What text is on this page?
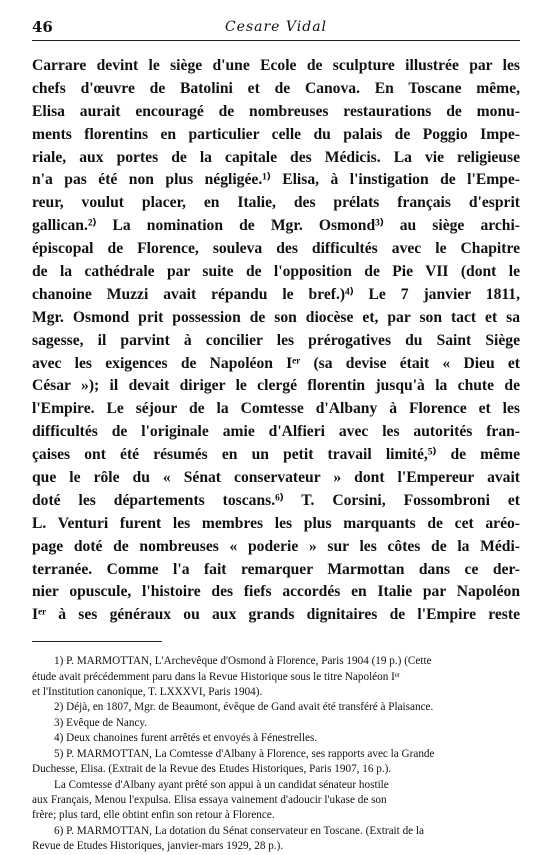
46	Cesare Vidal
Carrare devint le siège d'une Ecole de sculpture illustrée par les
chefs d'œuvre de Batolini et de Canova. En Toscane même,
Elisa aurait encouragé de nombreuses restaurations de monu-
ments florentins en particulier celle du palais de Poggio Impe-
riale, aux portes de la capitale des Médicis. La vie religieuse
n'a pas été non plus négligée.¹⁾ Elisa, à l'instigation de l'Empe-
reur, voulut placer, en Italie, des prélats français d'esprit
gallican.²⁾ La nomination de Mgr. Osmond³⁾ au siège archi-
épiscopal de Florence, souleva des difficultés avec le Chapitre
de la cathédrale par suite de l'opposition de Pie VII (dont le
chanoine Muzzi avait répandu le bref.)⁴⁾ Le 7 janvier 1811,
Mgr. Osmond prit possession de son diocèse et, par son tact et sa
sagesse, il parvint à concilier les prérogatives du Saint Siège
avec les exigences de Napoléon Iᵉʳ (sa devise était « Dieu et
César »); il devait diriger le clergé florentin jusqu'à la chute de
l'Empire. Le séjour de la Comtesse d'Albany à Florence et les
difficultés de l'originale amie d'Alfieri avec les autorités fran-
çaises ont été résumés en un petit travail limité,⁵⁾ de même
que le rôle du « Sénat conservateur » dont l'Empereur avait
doté les départements toscans.⁶⁾ T. Corsini, Fossombroni et
L. Venturi furent les membres les plus marquants de cet aréo-
page doté de nombreuses « poderie » sur les côtes de la Médi-
terranée. Comme l'a fait remarquer Marmottan dans ce der-
nier opuscule, l'histoire des fiefs accordés en Italie par Napoléon
Iᵉʳ à ses généraux ou aux grands dignitaires de l'Empire reste
1) P. MARMOTTAN, L'Archevêque d'Osmond à Florence, Paris 1904 (19 p.) (Cette
étude avait précédemment paru dans la Revue Historique sous le titre Napoléon Iᵉʳ
et l'Institution canonique, T. LXXXVI, Paris 1904).
2) Déjà, en 1807, Mgr. de Beaumont, évêque de Gand avait été transféré à Plaisance.
3) Evêque de Nancy.
4) Deux chanoines furent arrêtés et envoyés à Fénestrelles.
5) P. MARMOTTAN, La Comtesse d'Albany à Florence, ses rapports avec la Grande
Duchesse, Elisa. (Extrait de la Revue des Etudes Historiques, Paris 1907, 16 p.).
La Comtesse d'Albany ayant prêté son appui à un candidat sénateur hostile
aux Français, Menou l'expulsa. Elisa essaya vainement d'adoucir l'ukase de son
frère; plus tard, elle obtint enfin son retour à Florence.
6) P. MARMOTTAN, La dotation du Sénat conservateur en Toscane. (Extrait de la
Revue de Etudes Historiques, janvier-mars 1929, 28 p.).
